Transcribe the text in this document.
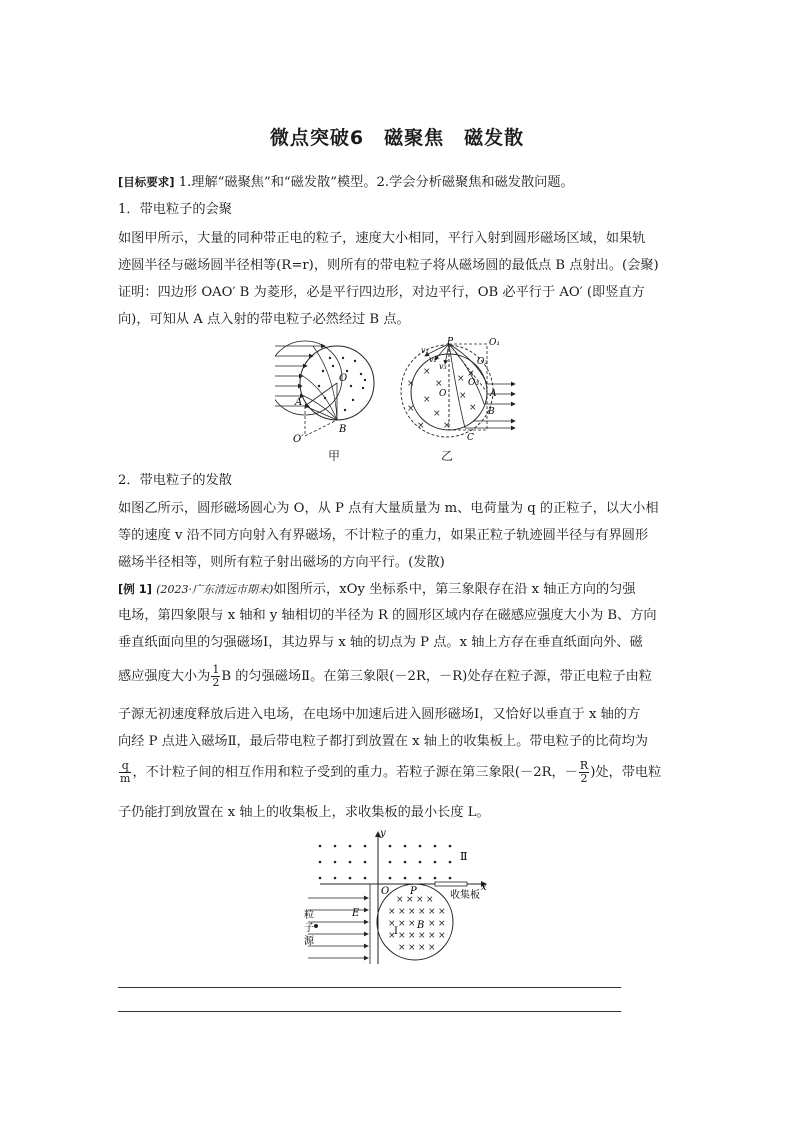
微点突破6　磁聚焦　磁发散
[目标要求] 1.理解“磁聚焦”和“磁发散”模型。2.学会分析磁聚焦和磁发散问题。
1．带电粒子的会聚
如图甲所示，大量的同种带正电的粒子，速度大小相同，平行入射到圆形磁场区域，如果轨
迹圆半径与磁场圆半径相等(R=r)，则所有的带电粒子将从磁场圆的最低点 B 点射出。(会聚)
证明：四边形 OAO′ B 为菱形，必是平行四边形，对边平行，OB 必平行于 AO′ (即竖直方
向)，可知从 A 点入射的带电粒子必然经过 B 点。
O
A
B
O′
甲
×
×
× × ×
×
×
×
×
×
×
×
P	O₁
O₂
O₃
O	A
B
C
v₁
v₂
v₃
乙
2．带电粒子的发散
如图乙所示，圆形磁场圆心为 O，从 P 点有大量质量为 m、电荷量为 q 的正粒子，以大小相
等的速度 v 沿不同方向射入有界磁场，不计粒子的重力，如果正粒子轨迹圆半径与有界圆形
磁场半径相等，则所有粒子射出磁场的方向平行。(发散)
[例 1] (2023·广东清远市期末)如图所示，xOy 坐标系中，第三象限存在沿 x 轴正方向的匀强
电场，第四象限与 x 轴和 y 轴相切的半径为 R 的圆形区域内存在磁感应强度大小为 B、方向
垂直纸面向里的匀强磁场Ⅰ，其边界与 x 轴的切点为 P 点。x 轴上方存在垂直纸面向外、磁
感应强度大小为 $\frac{1}{2}$ B 的匀强磁场Ⅱ。在第三象限(－2R，－R)处存在粒子源，带正电粒子由粒
子源无初速度释放后进入电场，在电场中加速后进入圆形磁场Ⅰ，又恰好以垂直于 x 轴的方
向经 P 点进入磁场Ⅱ，最后带电粒子都打到放置在 x 轴上的收集板上。带电粒子的比荷均为
$\frac{q}{m}$ ，不计粒子间的相互作用和粒子受到的重力。若粒子源在第三象限(－2R，－ $\frac{R}{2}$ )处，带电粒
子仍能打到放置在 x 轴上的收集板上，求收集板的最小长度 L。
× × × ×
× × × × × ×
× × × × ×
× × × × × ×
× × × ×
y
x
O P
E
B
Ⅰ
Ⅱ
收集板
粒
子
源
